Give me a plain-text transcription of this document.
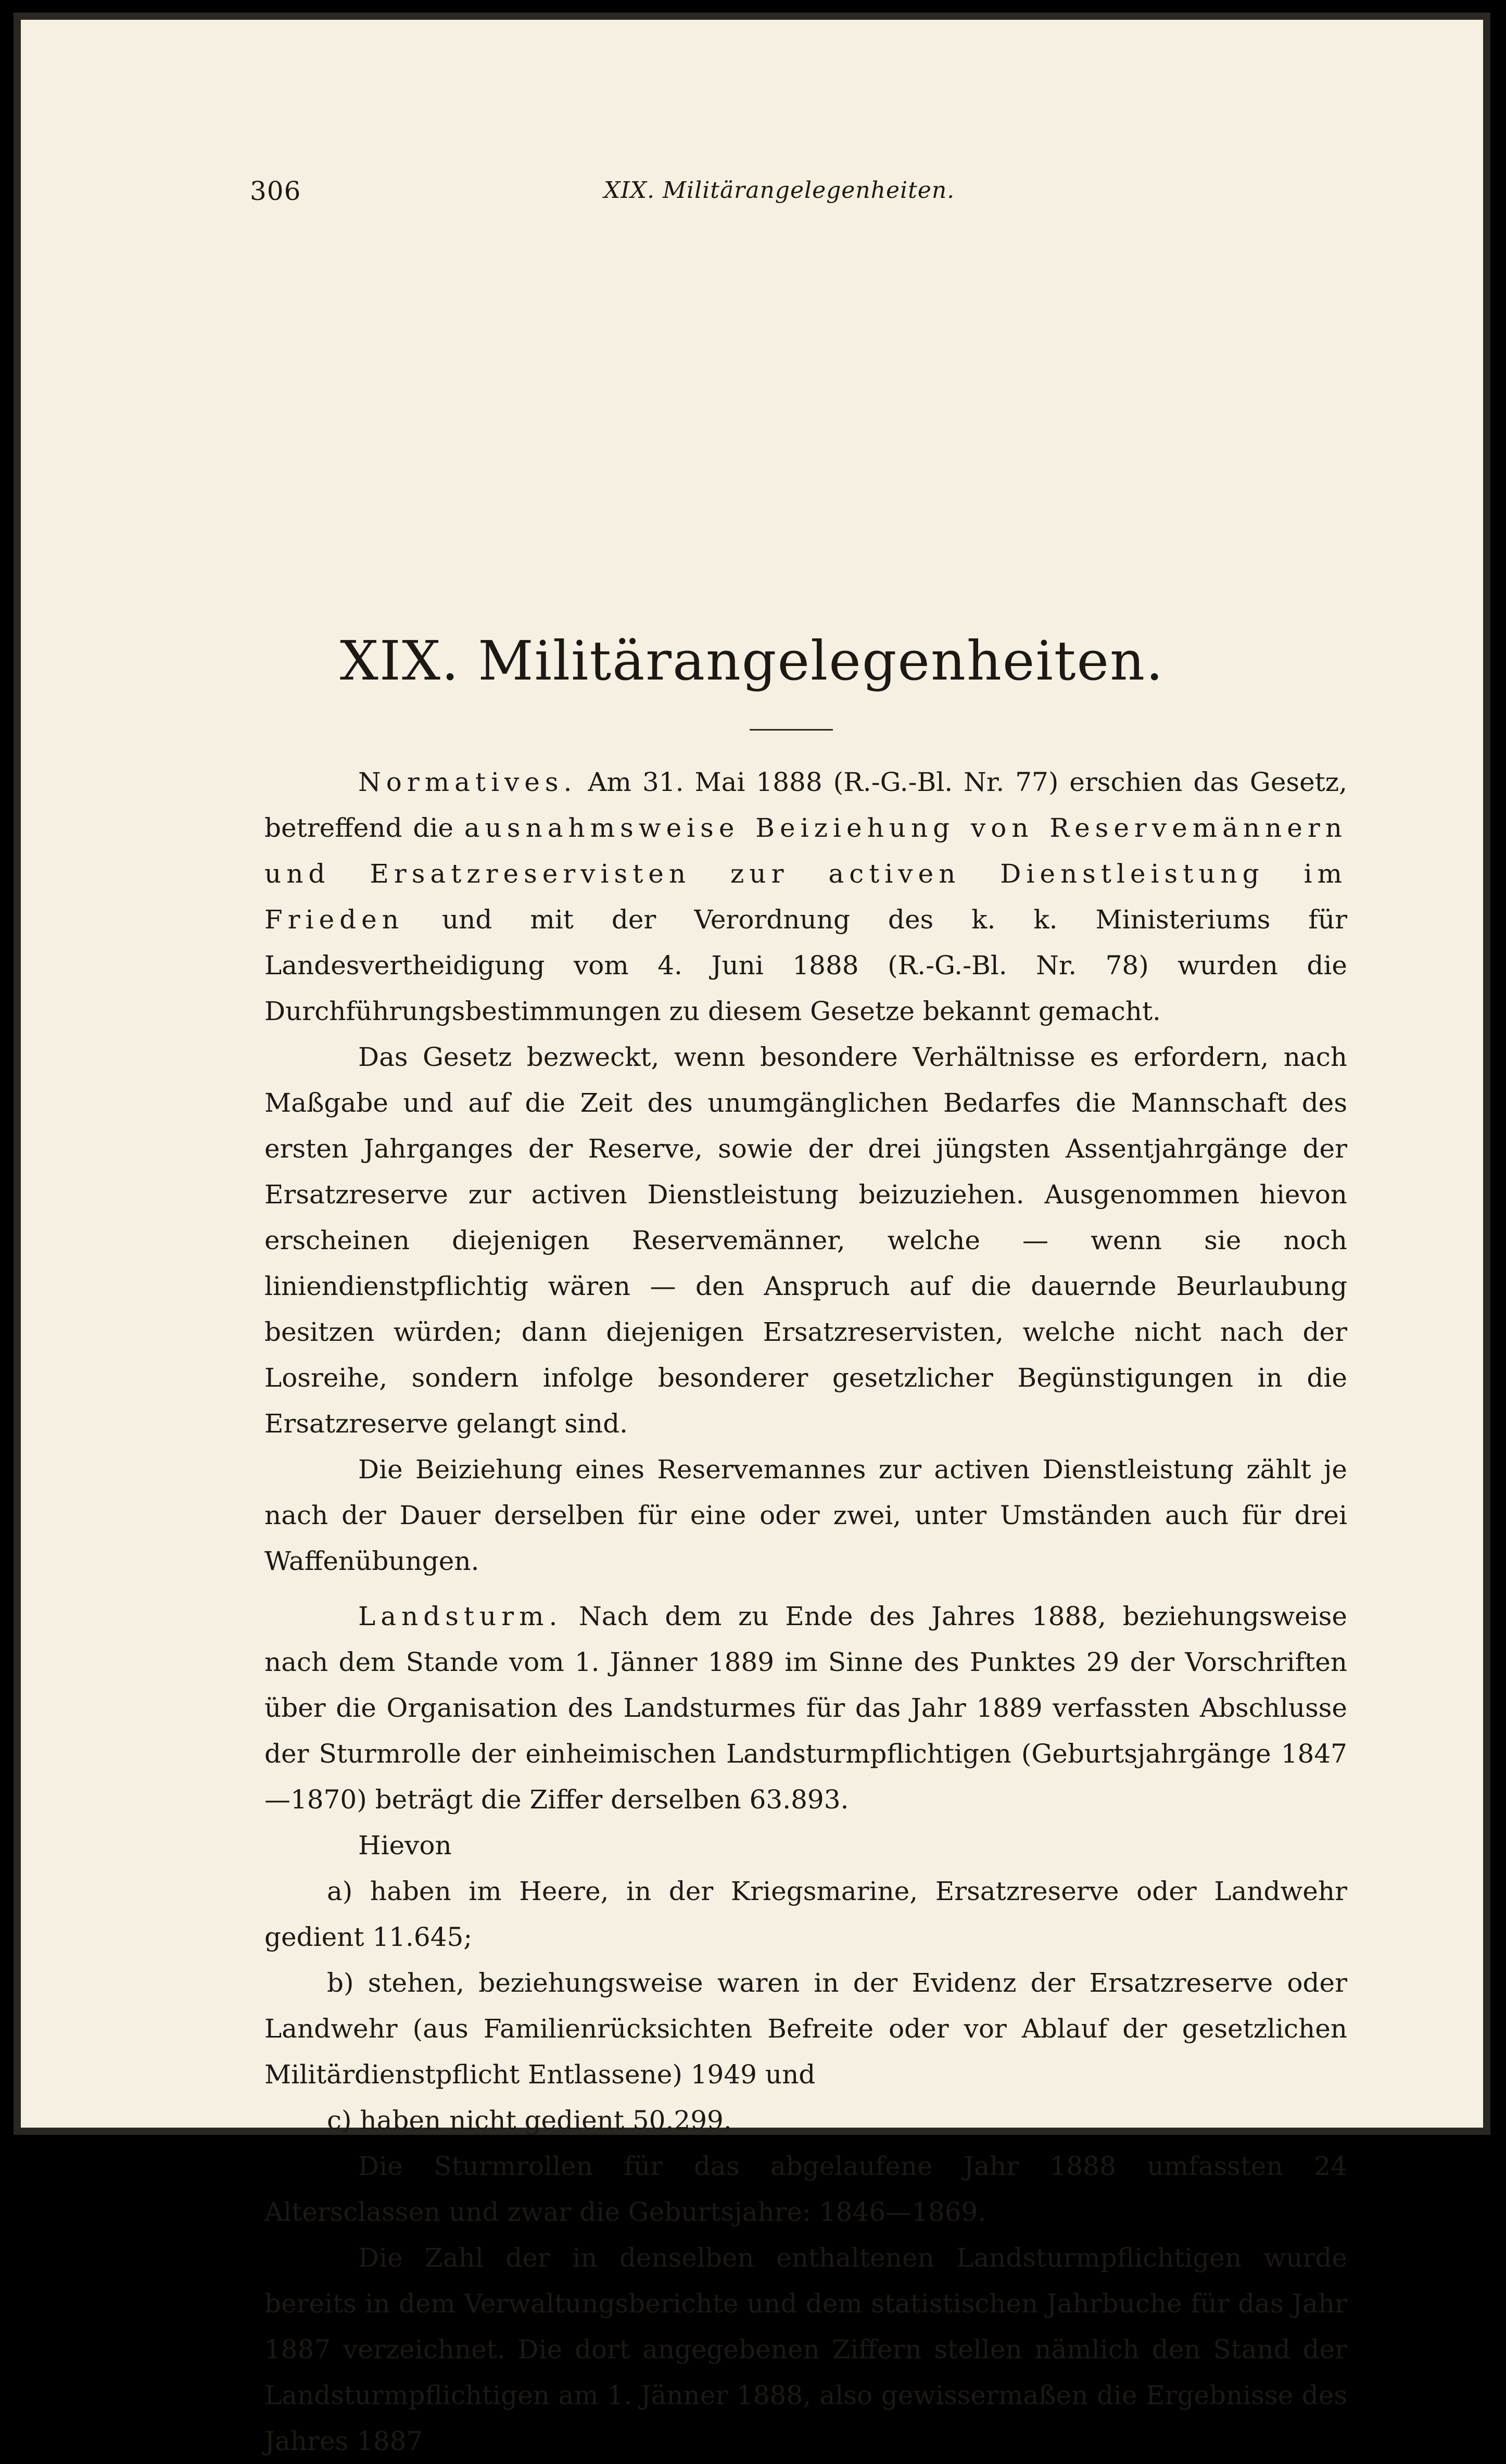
306	XIX. Militärangelegenheiten.
XIX. Militärangelegenheiten.

Normatives. Am 31. Mai 1888 (R.-G.-Bl. Nr. 77) erschien das Gesetz, betreffend die ausnahmsweise Beiziehung von Reservemännern und Ersatzreservisten zur activen Dienstleistung im Frieden und mit der Verordnung des k. k. Ministeriums für Landesvertheidigung vom 4. Juni 1888 (R.-G.-Bl. Nr. 78) wurden die Durchführungsbestimmungen zu diesem Gesetze bekannt gemacht.

Das Gesetz bezweckt, wenn besondere Verhältnisse es erfordern, nach Maßgabe und auf die Zeit des unumgänglichen Bedarfes die Mannschaft des ersten Jahrganges der Reserve, sowie der drei jüngsten Assentjahrgänge der Ersatzreserve zur activen Dienstleistung beizuziehen. Ausgenommen hievon erscheinen diejenigen Reservemänner, welche — wenn sie noch liniendienstpflichtig wären — den Anspruch auf die dauernde Beurlaubung besitzen würden; dann diejenigen Ersatzreservisten, welche nicht nach der Losreihe, sondern infolge besonderer gesetzlicher Begünstigungen in die Ersatzreserve gelangt sind.

Die Beiziehung eines Reservemannes zur activen Dienstleistung zählt je nach der Dauer derselben für eine oder zwei, unter Umständen auch für drei Waffenübungen.

Landsturm. Nach dem zu Ende des Jahres 1888, beziehungsweise nach dem Stande vom 1. Jänner 1889 im Sinne des Punktes 29 der Vorschriften über die Organisation des Landsturmes für das Jahr 1889 verfassten Abschlusse der Sturmrolle der einheimischen Landsturmpflichtigen (Geburtsjahrgänge 1847—1870) beträgt die Ziffer derselben 63.893.

Hievon

a) haben im Heere, in der Kriegsmarine, Ersatzreserve oder Landwehr gedient 11.645;

b) stehen, beziehungsweise waren in der Evidenz der Ersatzreserve oder Landwehr (aus Familienrücksichten Befreite oder vor Ablauf der gesetzlichen Militärdienstpflicht Entlassene) 1949 und

c) haben nicht gedient 50.299.

Die Sturmrollen für das abgelaufene Jahr 1888 umfassten 24 Altersclassen und zwar die Geburtsjahre: 1846—1869.

Die Zahl der in denselben enthaltenen Landsturmpflichtigen wurde bereits in dem Verwaltungsberichte und dem statistischen Jahrbuche für das Jahr 1887 verzeichnet. Die dort angegebenen Ziffern stellen nämlich den Stand der Landsturmpflichtigen am 1. Jänner 1888, also gewissermaßen die Ergebnisse des Jahres 1887
